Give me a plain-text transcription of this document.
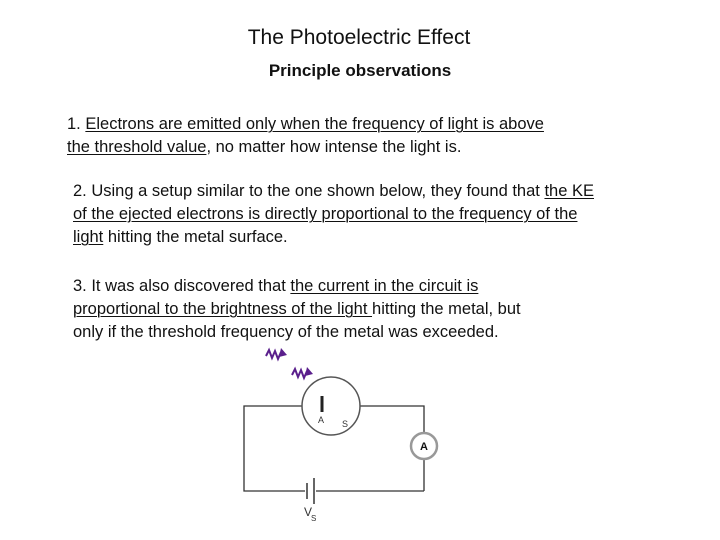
The Photoelectric Effect
Principle observations
1. Electrons are emitted only when the frequency of light is above
the threshold value, no matter how intense the light is.
2. Using a setup similar to the one shown below, they found that the KE
of the ejected electrons is directly proportional to the frequency of the
light hitting the metal surface.
3. It was also discovered that the current in the circuit is
proportional to the brightness of the light hitting the metal, but
only if the threshold frequency of the metal was exceeded.
A S
A
V
S
